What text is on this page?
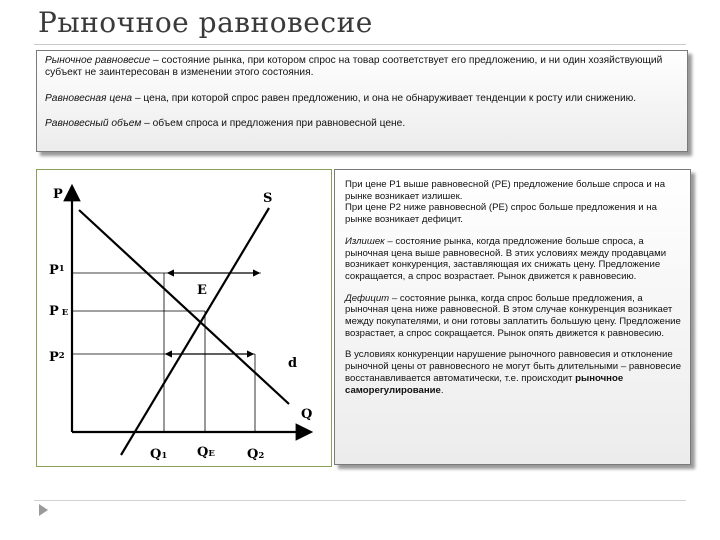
Рыночное равновесие

Рыночное равновесие – состояние рынка, при котором спрос на товар соответствует его предложению, и ни один хозяйствующий субъект не заинтересован в изменении этого состояния.

Равновесная цена – цена, при которой спрос равен предложению, и она не обнаруживает тенденции к росту или снижению.

Равновесный объем – объем спроса и предложения при равновесной цене.

P	S
E
d
Q
$P^1$
P E
$P^2$
Q1 QE Q2

При цене P1 выше равновесной (PE) предложение больше спроса и на рынке возникает излишек.
При цене P2 ниже равновесной (PE) спрос больше предложения и на рынке возникает дефицит.

Излишек – состояние рынка, когда предложение больше спроса, а рыночная цена выше равновесной. В этих условиях между продавцами возникает конкуренция, заставляющая их снижать цену. Предложение сокращается, а спрос возрастает. Рынок движется к равновесию.

Дефицит – состояние рынка, когда спрос больше предложения, а рыночная цена ниже равновесной. В этом случае конкуренция возникает между покупателями, и они готовы заплатить большую цену. Предложение возрастает, а спрос сокращается. Рынок опять движется к равновесию.

В условиях конкуренции нарушение рыночного равновесия и отклонение рыночной цены от равновесного не могут быть длительными – равновесие восстанавливается автоматически, т.е. происходит рыночное саморегулирование.
